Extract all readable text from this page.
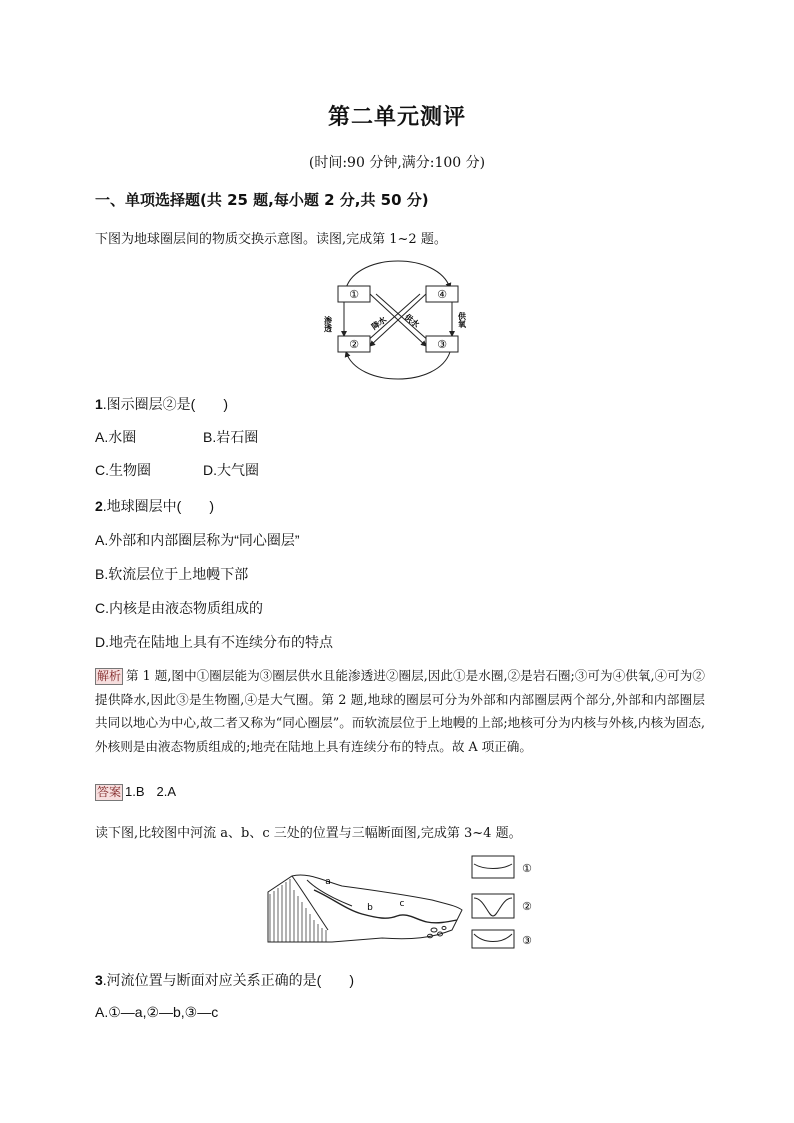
第二单元测评
(时间:90 分钟,满分:100 分)
一、单项选择题(共 25 题,每小题 2 分,共 50 分)
下图为地球圈层间的物质交换示意图。读图,完成第 1~2 题。
①	④
②	③
渗透	供氧
降水 供水
1.图示圈层②是(　　)
A.水圈	B.岩石圈
C.生物圈	D.大气圈
2.地球圈层中(　　)
A.外部和内部圈层称为“同心圈层”
B.软流层位于上地幔下部
C.内核是由液态物质组成的
D.地壳在陆地上具有不连续分布的特点
解析 第 1 题,图中①圈层能为③圈层供水且能渗透进②圈层,因此①是水圈,②是岩石圈;③可为④供氧,④可为②提供降水,因此③是生物圈,④是大气圈。第 2 题,地球的圈层可分为外部和内部圈层两个部分,外部和内部圈层共同以地心为中心,故二者又称为“同心圈层”。而软流层位于上地幔的上部;地核可分为内核与外核,内核为固态,外核则是由液态物质组成的;地壳在陆地上具有连续分布的特点。故 A 项正确。
答案 1.B 2.A
读下图,比较图中河流 a、b、c 三处的位置与三幅断面图,完成第 3~4 题。
a
b	c
①
②
③
3.河流位置与断面对应关系正确的是(　　)
A.①—a,②—b,③—c
